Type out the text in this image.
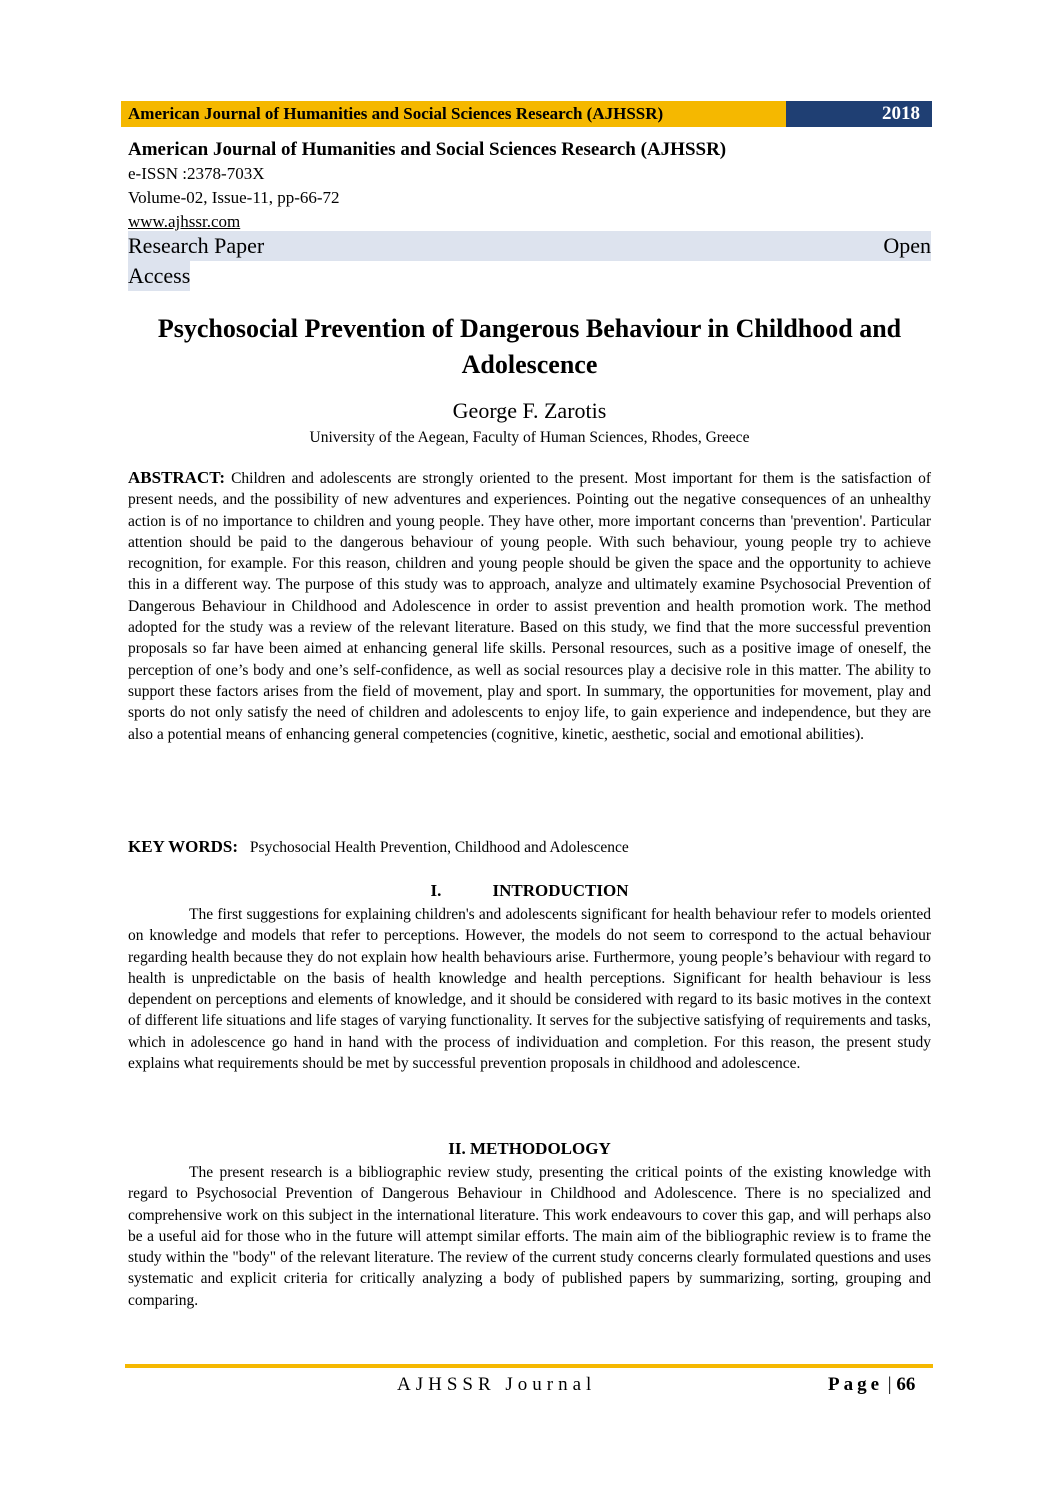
American Journal of Humanities and Social Sciences Research (AJHSSR)	2018
American Journal of Humanities and Social Sciences Research (AJHSSR)
e-ISSN :2378-703X
Volume-02, Issue-11, pp-66-72
www.ajhssr.com
Research Paper	Open
Access
Psychosocial Prevention of Dangerous Behaviour in Childhood and Adolescence
George F. Zarotis
University of the Aegean, Faculty of Human Sciences, Rhodes, Greece
ABSTRACT: Children and adolescents are strongly oriented to the present. Most important for them is the satisfaction of present needs, and the possibility of new adventures and experiences. Pointing out the negative consequences of an unhealthy action is of no importance to children and young people. They have other, more important concerns than 'prevention'. Particular attention should be paid to the dangerous behaviour of young people. With such behaviour, young people try to achieve recognition, for example. For this reason, children and young people should be given the space and the opportunity to achieve this in a different way. The purpose of this study was to approach, analyze and ultimately examine Psychosocial Prevention of Dangerous Behaviour in Childhood and Adolescence in order to assist prevention and health promotion work. The method adopted for the study was a review of the relevant literature. Based on this study, we find that the more successful prevention proposals so far have been aimed at enhancing general life skills. Personal resources, such as a positive image of oneself, the perception of one’s body and one’s self-confidence, as well as social resources play a decisive role in this matter. The ability to support these factors arises from the field of movement, play and sport. In summary, the opportunities for movement, play and sports do not only satisfy the need of children and adolescents to enjoy life, to gain experience and independence, but they are also a potential means of enhancing general competencies (cognitive, kinetic, aesthetic, social and emotional abilities).
KEY WORDS: Psychosocial Health Prevention, Childhood and Adolescence
I.	INTRODUCTION

The first suggestions for explaining children's and adolescents significant for health behaviour refer to models oriented on knowledge and models that refer to perceptions. However, the models do not seem to correspond to the actual behaviour regarding health because they do not explain how health behaviours arise. Furthermore, young people’s behaviour with regard to health is unpredictable on the basis of health knowledge and health perceptions. Significant for health behaviour is less dependent on perceptions and elements of knowledge, and it should be considered with regard to its basic motives in the context of different life situations and life stages of varying functionality. It serves for the subjective satisfying of requirements and tasks, which in adolescence go hand in hand with the process of individuation and completion. For this reason, the present study explains what requirements should be met by successful prevention proposals in childhood and adolescence.

II. METHODOLOGY

The present research is a bibliographic review study, presenting the critical points of the existing knowledge with regard to Psychosocial Prevention of Dangerous Behaviour in Childhood and Adolescence. There is no specialized and comprehensive work on this subject in the international literature. This work endeavours to cover this gap, and will perhaps also be a useful aid for those who in the future will attempt similar efforts. The main aim of the bibliographic review is to frame the study within the "body" of the relevant literature. The review of the current study concerns clearly formulated questions and uses systematic and explicit criteria for critically analyzing a body of published papers by summarizing, sorting, grouping and comparing.

AJHSSR Journal	Page | 66
